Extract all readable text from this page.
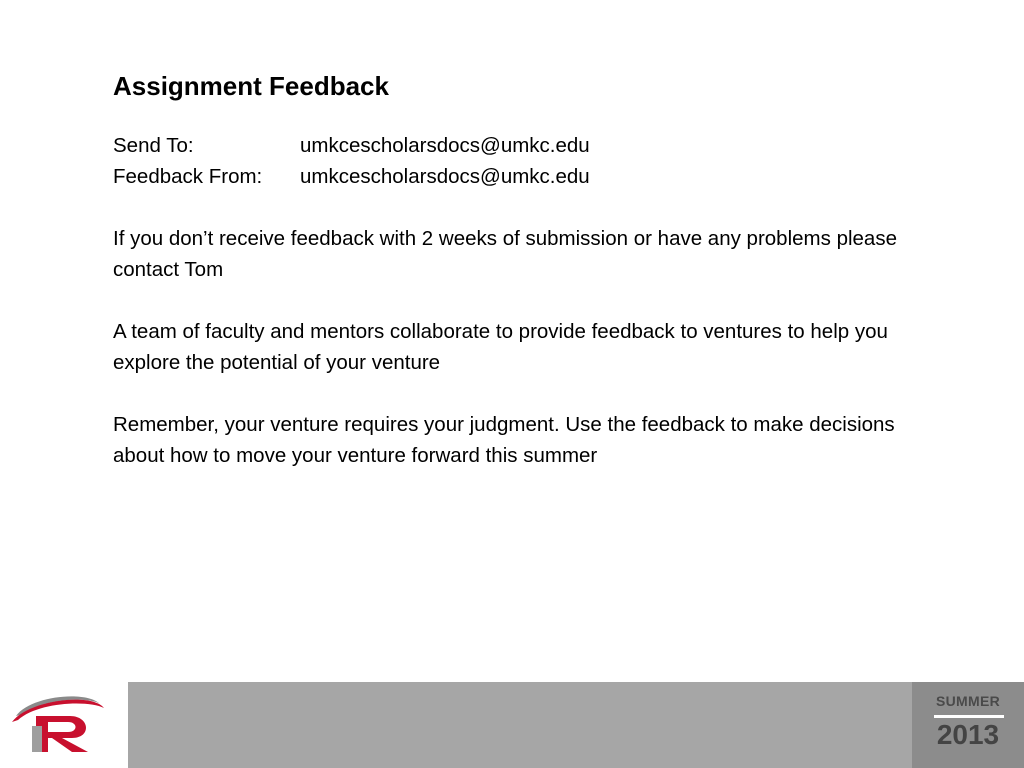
Assignment Feedback
Send To:	umkcescholarsdocs@umkc.edu
Feedback From:	umkcescholarsdocs@umkc.edu
If you don’t receive feedback with 2 weeks of submission or have any problems please contact Tom
A team of faculty and mentors collaborate to provide feedback to ventures to help you explore the potential of your venture
Remember, your venture requires your judgment. Use the feedback to make decisions about how to move your venture forward this summer
SUMMER
2013
